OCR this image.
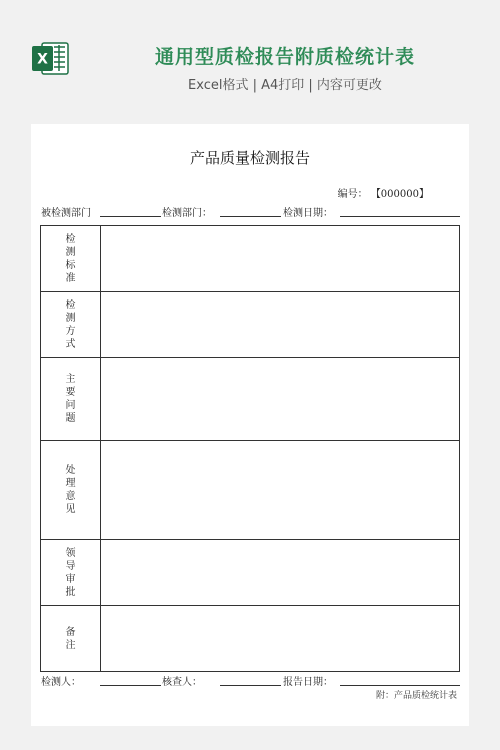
X	通用型质检报告附质检统计表
Excel格式 | A4打印 | 内容可更改
产品质量检测报告
编号： 【000000】
被检测部门	检测部门：	检测日期：
检测标准	
检测方式	
主要问题	
处理意见	
领导审批	
备注	
检测人：	核查人：	报告日期：
附：产品质检统计表
